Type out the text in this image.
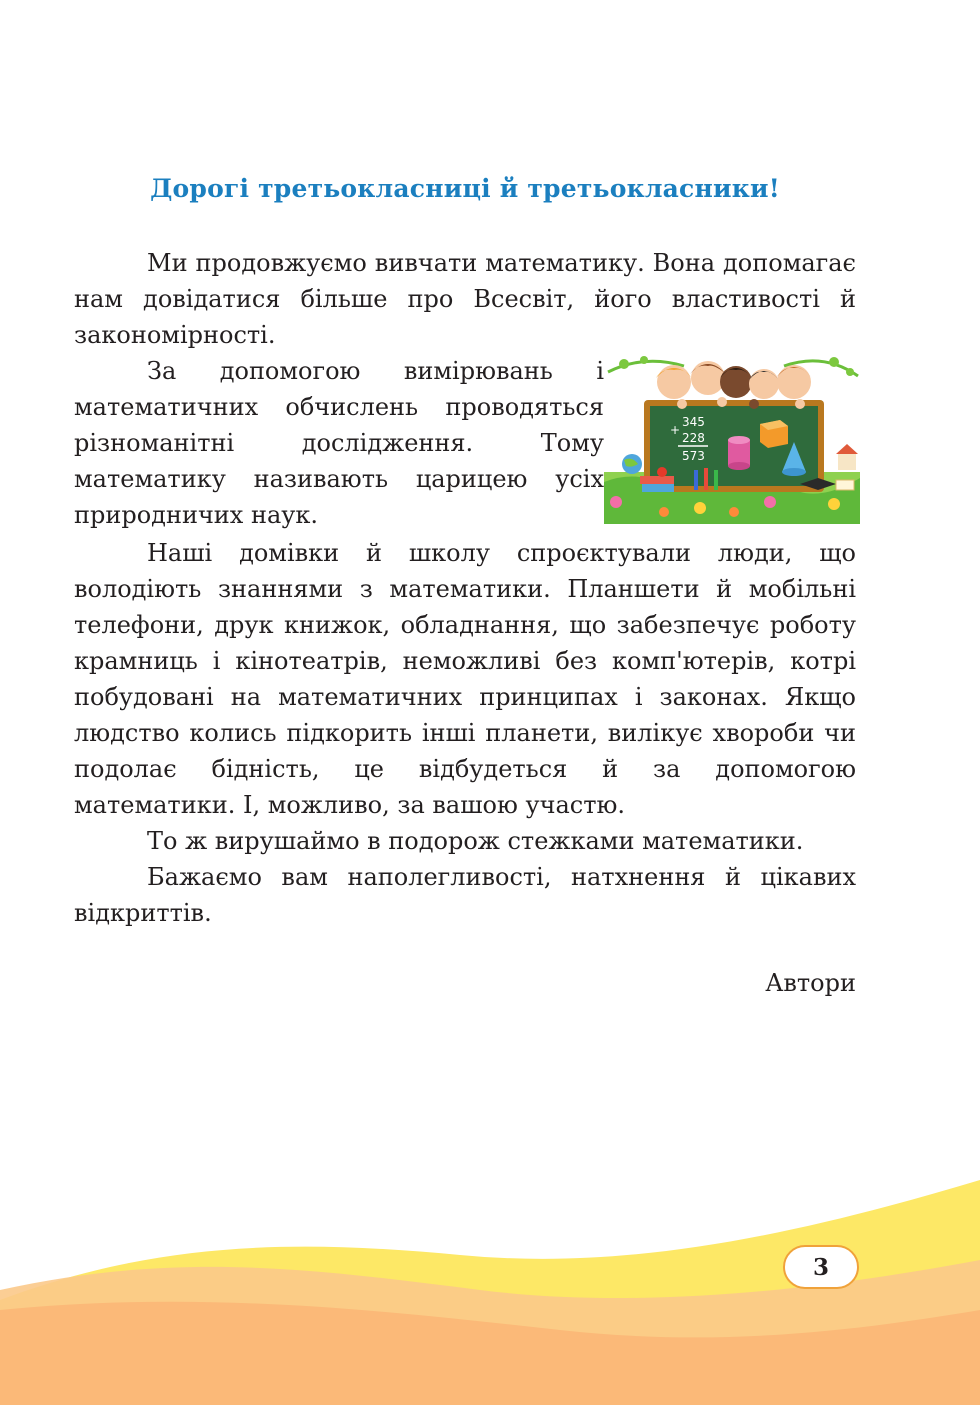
Дорогі третьокласниці й третьокласники!

Ми продовжуємо вивчати математику. Вона допомагає нам довідатися більше про Всесвіт, його властивості й закономірності.

За допомогою вимірювань і математичних обчислень проводяться різноманітні дослідження. Тому математику називають царицею усіх природничих наук.

Наші домівки й школу спроєктували люди, що володіють знаннями з математики. Планшети й мобільні телефони, друк книжок, обладнання, що забезпечує роботу крамниць і кінотеатрів, неможливі без комп'ютерів, котрі побудовані на математичних принципах і законах. Якщо людство колись підкорить інші планети, вилікує хвороби чи подолає бідність, це відбудеться й за допомогою математики. І, можливо, за вашою участю.

То ж вирушаймо в подорож стежками математики.

Бажаємо вам наполегливості, натхнення й цікавих відкриттів.

Автори
345
+
228
573
3
